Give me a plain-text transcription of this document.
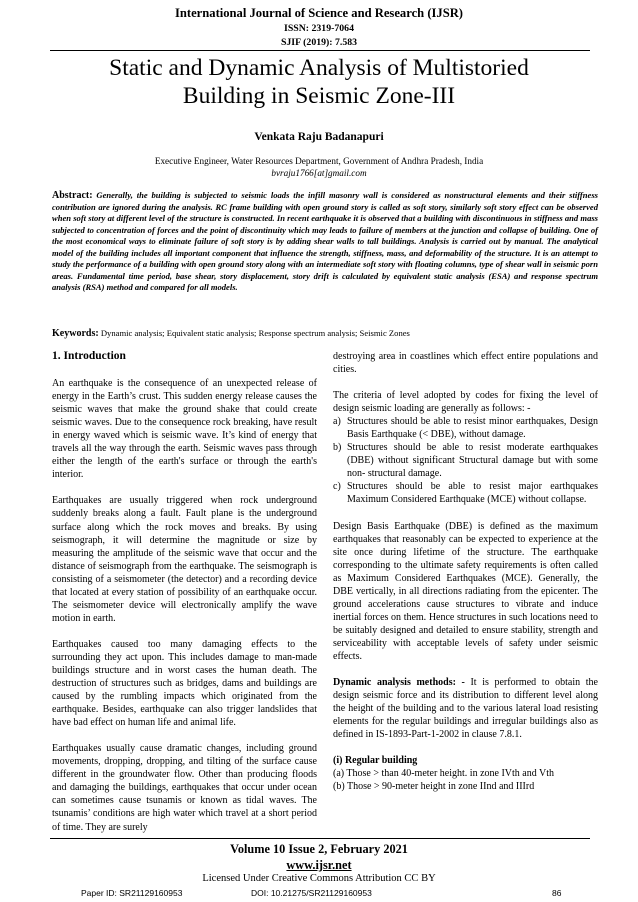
International Journal of Science and Research (IJSR)
ISSN: 2319-7064
SJIF (2019): 7.583
Static and Dynamic Analysis of Multistoried
Building in Seismic Zone-III
Venkata Raju Badanapuri
Executive Engineer, Water Resources Department, Government of Andhra Pradesh, India
bvraju1766[at]gmail.com
Abstract: Generally, the building is subjected to seismic loads the infill masonry wall is considered as nonstructural elements and their stiffness contribution are ignored during the analysis. RC frame building with open ground story is called as soft story, similarly soft story effect can be observed when soft story at different level of the structure is constructed. In recent earthquake it is observed that a building with discontinuous in stiffness and mass subjected to concentration of forces and the point of discontinuity which may leads to failure of members at the junction and collapse of building. One of the most economical ways to eliminate failure of soft story is by adding shear walls to tall buildings. Analysis is carried out by manual. The analytical model of the building includes all important component that influence the strength, stiffness, mass, and deformability of the structure. It is an attempt to study the performance of a building with open ground story along with an intermediate soft story with floating columns, type of shear wall in seismic porn areas. Fundamental time period, base shear, story displacement, story drift is calculated by equivalent static analysis (ESA) and response spectrum analysis (RSA) method and compared for all models.
Keywords: Dynamic analysis; Equivalent static analysis; Response spectrum analysis; Seismic Zones
1. Introduction

An earthquake is the consequence of an unexpected release of energy in the Earth’s crust. This sudden energy release causes the seismic waves that make the ground shake that could create seismic waves. Due to the consequence rock breaking, have result in energy waved which is seismic wave. It’s kind of energy that travels all the way through the earth. Seismic waves pass through either the length of the earth's surface or through the earth's interior.

Earthquakes are usually triggered when rock underground suddenly breaks along a fault. Fault plane is the underground surface along which the rock moves and breaks. By using seismograph, it will determine the magnitude or size by measuring the amplitude of the seismic wave that occur and the distance of seismograph from the earthquake. The seismograph is consisting of a seismometer (the detector) and a recording device that located at every station of possibility of an earthquake occur. The seismometer device will electronically amplify the wave motion in earth.

Earthquakes caused too many damaging effects to the surrounding they act upon. This includes damage to man-made buildings structure and in worst cases the human death. The destruction of structures such as bridges, dams and buildings are caused by the rumbling impacts which originated from the earthquake. Besides, earthquake can also trigger landslides that have bad effect on human life and animal life.

Earthquakes usually cause dramatic changes, including ground movements, dropping, dropping, and tilting of the surface cause different in the groundwater flow. Other than producing floods and damaging the buildings, earthquakes that occur under ocean can sometimes cause tsunamis or known as tidal waves. The tsunamis’ conditions are high water which travel at a short period of time. They are surely

destroying area in coastlines which effect entire populations and cities.

The criteria of level adopted by codes for fixing the level of design seismic loading are generally as follows: -

a) Structures should be able to resist minor earthquakes, Design Basis Earthquake (< DBE), without damage.
b) Structures should be able to resist moderate earthquakes (DBE) without significant Structural damage but with some non- structural damage.
c) Structures should be able to resist major earthquakes Maximum Considered Earthquake (MCE) without collapse.

Design Basis Earthquake (DBE) is defined as the maximum earthquakes that reasonably can be expected to experience at the site once during lifetime of the structure. The earthquake corresponding to the ultimate safety requirements is often called as Maximum Considered Earthquakes (MCE). Generally, the DBE vertically, in all directions radiating from the epicenter. The ground accelerations cause structures to vibrate and induce inertial forces on them. Hence structures in such locations need to be suitably designed and detailed to ensure stability, strength and serviceability with acceptable levels of safety under seismic effects.

Dynamic analysis methods: - It is performed to obtain the design seismic force and its distribution to different level along the height of the building and to the various lateral load resisting elements for the regular buildings and irregular buildings also as defined in IS-1893-Part-1-2002 in clause 7.8.1.

(i) Regular building
(a) Those > than 40-meter height. in zone IVth and Vth
(b) Those > 90-meter height in zone IInd and IIIrd
Volume 10 Issue 2, February 2021
www.ijsr.net
Licensed Under Creative Commons Attribution CC BY
Paper ID: SR21129160953	DOI: 10.21275/SR21129160953	86
